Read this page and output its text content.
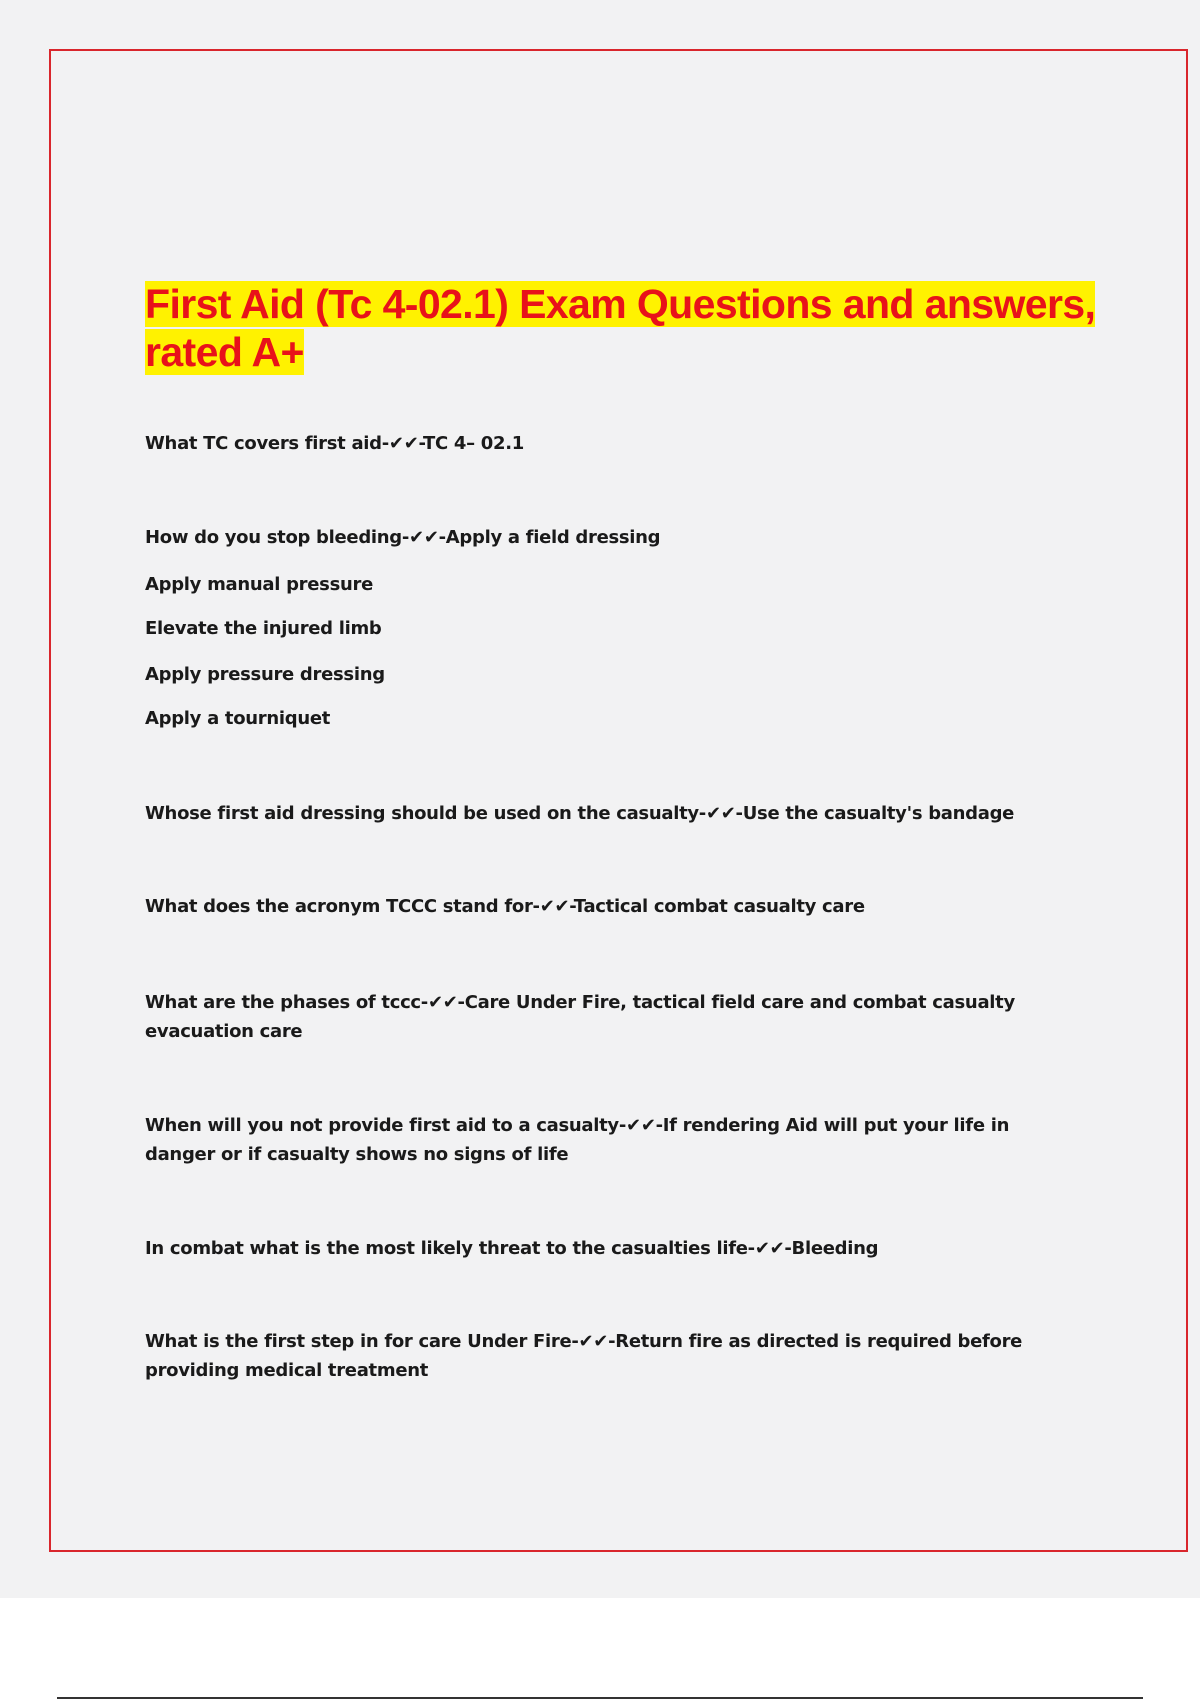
First Aid (Tc 4-02.1) Exam Questions and answers, rated A+

What TC covers first aid-✔✔-TC 4– 02.1

How do you stop bleeding-✔✔-Apply a field dressing

Apply manual pressure

Elevate the injured limb

Apply pressure dressing

Apply a tourniquet

Whose first aid dressing should be used on the casualty-✔✔-Use the casualty's bandage

What does the acronym TCCC stand for-✔✔-Tactical combat casualty care

What are the phases of tccc-✔✔-Care Under Fire, tactical field care and combat casualty evacuation care

When will you not provide first aid to a casualty-✔✔-If rendering Aid will put your life in danger or if casualty shows no signs of life

In combat what is the most likely threat to the casualties life-✔✔-Bleeding

What is the first step in for care Under Fire-✔✔-Return fire as directed is required before providing medical treatment
